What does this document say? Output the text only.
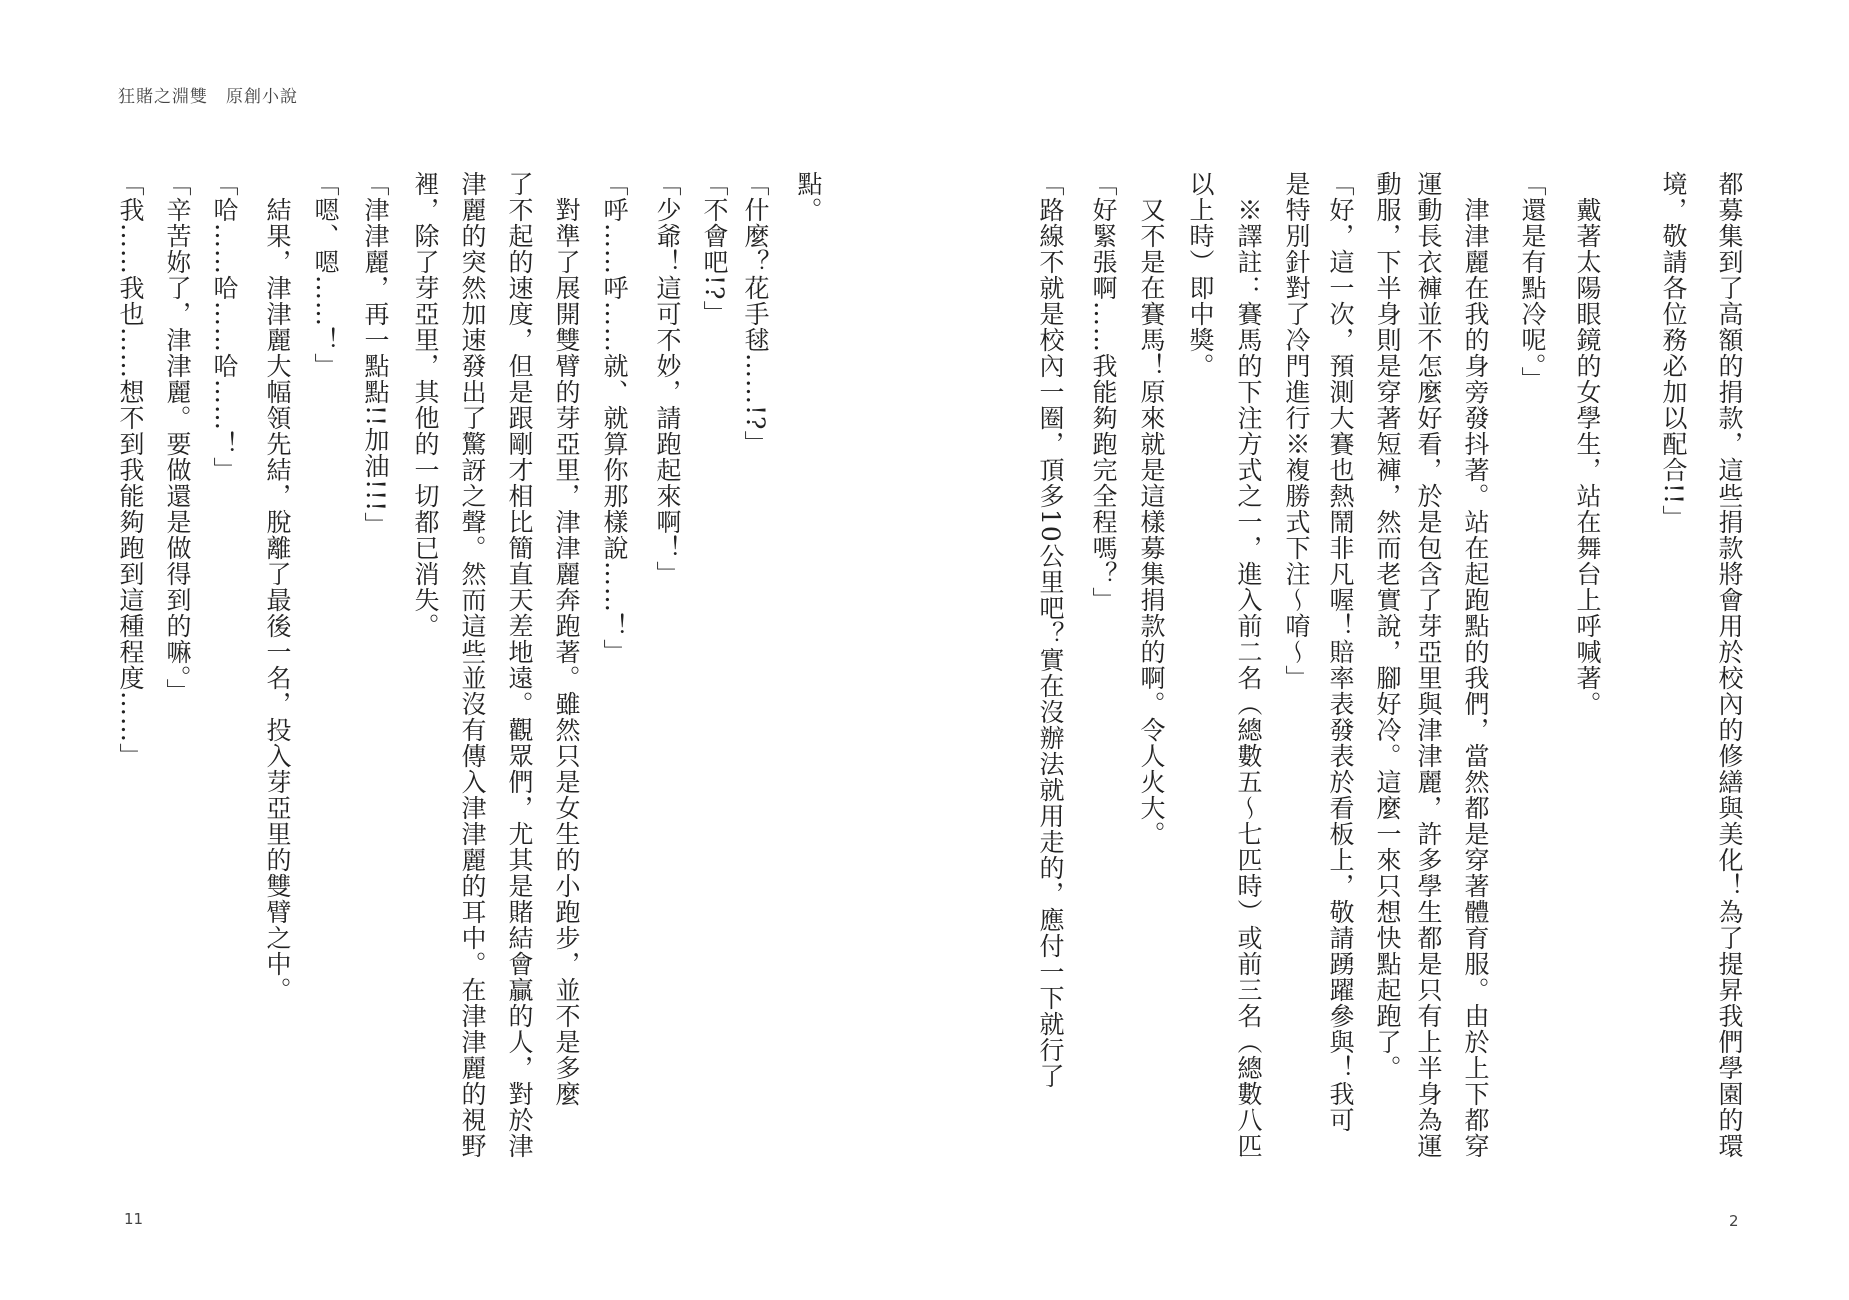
狂賭之淵雙　原創小說
都募集到了高額的捐款，這些捐款將會用於校內的修繕與美化！為了提昇我們學園的環
境，敬請各位務必加以配合!!」
　戴著太陽眼鏡的女學生，站在舞台上呼喊著。
「還是有點冷呢。」
　津津麗在我的身旁發抖著。站在起跑點的我們，當然都是穿著體育服。由於上下都穿
運動長衣褲並不怎麼好看，於是包含了芽亞里與津津麗，許多學生都是只有上半身為運
動服，下半身則是穿著短褲，然而老實說，腳好冷。這麼一來只想快點起跑了。
「好，這一次，預測大賽也熱鬧非凡喔！賠率表發表於看板上，敬請踴躍參與！我可
是特別針對了冷門進行※複勝式下注～唷～」
　※譯註：賽馬的下注方式之一，進入前二名（總數五～七匹時）或前三名（總數八匹
以上時）即中獎。
　又不是在賽馬！原來就是這樣募集捐款的啊。令人火大。
「好緊張啊……我能夠跑完全程嗎？」
「路線不就是校內一圈，頂多10公里吧？實在沒辦法就用走的，應付一下就行了
點。
「什麼？花手毬……!?」
「不會吧!?」
「少爺！這可不妙，請跑起來啊！」
「呼……呼……就、就算你那樣說……！」
　對準了展開雙臂的芽亞里，津津麗奔跑著。雖然只是女生的小跑步，並不是多麼
了不起的速度，但是跟剛才相比簡直天差地遠。觀眾們，尤其是賭結會贏的人，對於津
津麗的突然加速發出了驚訝之聲。然而這些並沒有傳入津津麗的耳中。在津津麗的視野
裡，除了芽亞里，其他的一切都已消失。
「津津麗，再一點點!!加油!!!」
「嗯、嗯……！」
　結果，津津麗大幅領先結，脫離了最後一名，投入芽亞里的雙臂之中。
「哈……哈……哈……！」
「辛苦妳了，津津麗。要做還是做得到的嘛。」
「我……我也……想不到我能夠跑到這種程度……」
11	2
